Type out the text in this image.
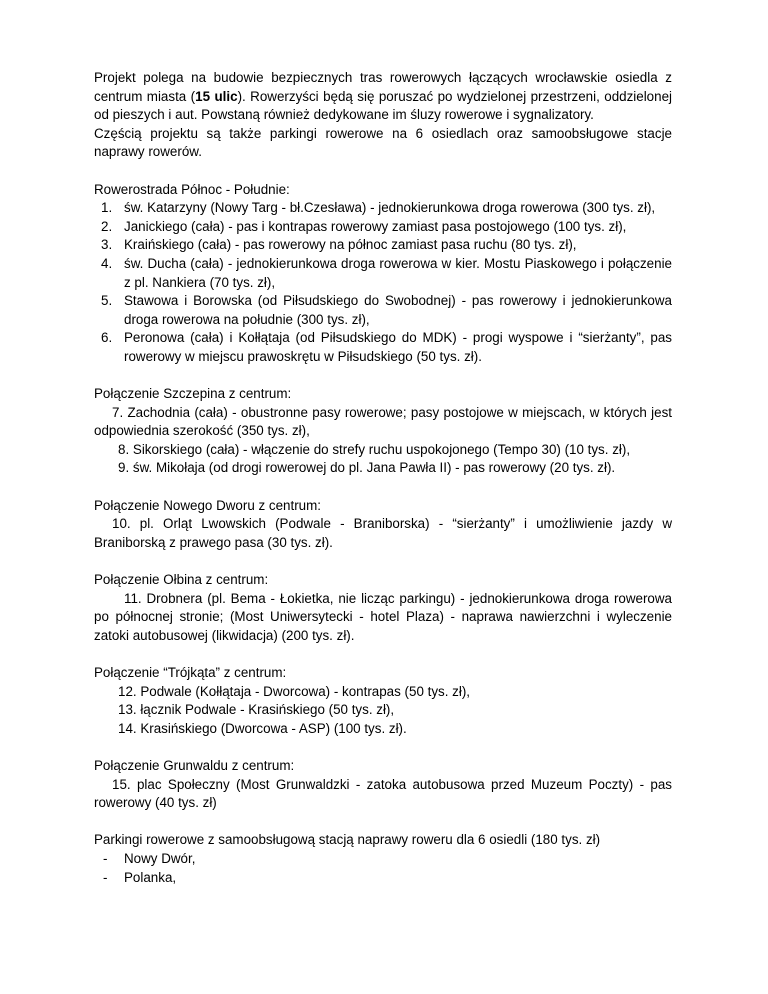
Projekt polega na budowie bezpiecznych tras rowerowych łączących wrocławskie osiedla z centrum miasta (15 ulic). Rowerzyści będą się poruszać po wydzielonej przestrzeni, oddzielonej od pieszych i aut. Powstaną również dedykowane im śluzy rowerowe i sygnalizatory.

Częścią projektu są także parkingi rowerowe na 6 osiedlach oraz samoobsługowe stacje naprawy rowerów.

Rowerostrada Północ - Południe:

1. św. Katarzyny (Nowy Targ - bł.Czesława) - jednokierunkowa droga rowerowa (300 tys. zł),
2. Janickiego (cała) - pas i kontrapas rowerowy zamiast pasa postojowego (100 tys. zł),
3. Kraińskiego (cała) - pas rowerowy na północ zamiast pasa ruchu (80 tys. zł),
4. św. Ducha (cała) - jednokierunkowa droga rowerowa w kier. Mostu Piaskowego i połączenie z pl. Nankiera (70 tys. zł),
5. Stawowa i Borowska (od Piłsudskiego do Swobodnej) - pas rowerowy i jednokierunkowa droga rowerowa na południe (300 tys. zł),
6. Peronowa (cała) i Kołłątaja (od Piłsudskiego do MDK) - progi wyspowe i “sierżanty”, pas rowerowy w miejscu prawoskrętu w Piłsudskiego (50 tys. zł).

Połączenie Szczepina z centrum:

7. Zachodnia (cała) - obustronne pasy rowerowe; pasy postojowe w miejscach, w których jest odpowiednia szerokość (350 tys. zł),

8. Sikorskiego (cała) - włączenie do strefy ruchu uspokojonego (Tempo 30) (10 tys. zł),

9. św. Mikołaja (od drogi rowerowej do pl. Jana Pawła II) - pas rowerowy (20 tys. zł).

Połączenie Nowego Dworu z centrum:

10. pl. Orląt Lwowskich (Podwale - Braniborska) - “sierżanty” i umożliwienie jazdy w Braniborską z prawego pasa (30 tys. zł).

Połączenie Ołbina z centrum:

11. Drobnera (pl. Bema - Łokietka, nie licząc parkingu) - jednokierunkowa droga rowerowa po północnej stronie; (Most Uniwersytecki - hotel Plaza) - naprawa nawierzchni i wyleczenie zatoki autobusowej (likwidacja) (200 tys. zł).

Połączenie “Trójkąta” z centrum:

12. Podwale (Kołłątaja - Dworcowa) - kontrapas (50 tys. zł),

13. łącznik Podwale - Krasińskiego (50 tys. zł),

14. Krasińskiego (Dworcowa - ASP) (100 tys. zł).

Połączenie Grunwaldu z centrum:

15. plac Społeczny (Most Grunwaldzki - zatoka autobusowa przed Muzeum Poczty) - pas rowerowy (40 tys. zł)

Parkingi rowerowe z samoobsługową stacją naprawy roweru dla 6 osiedli (180 tys. zł)

- Nowy Dwór,
- Polanka,
